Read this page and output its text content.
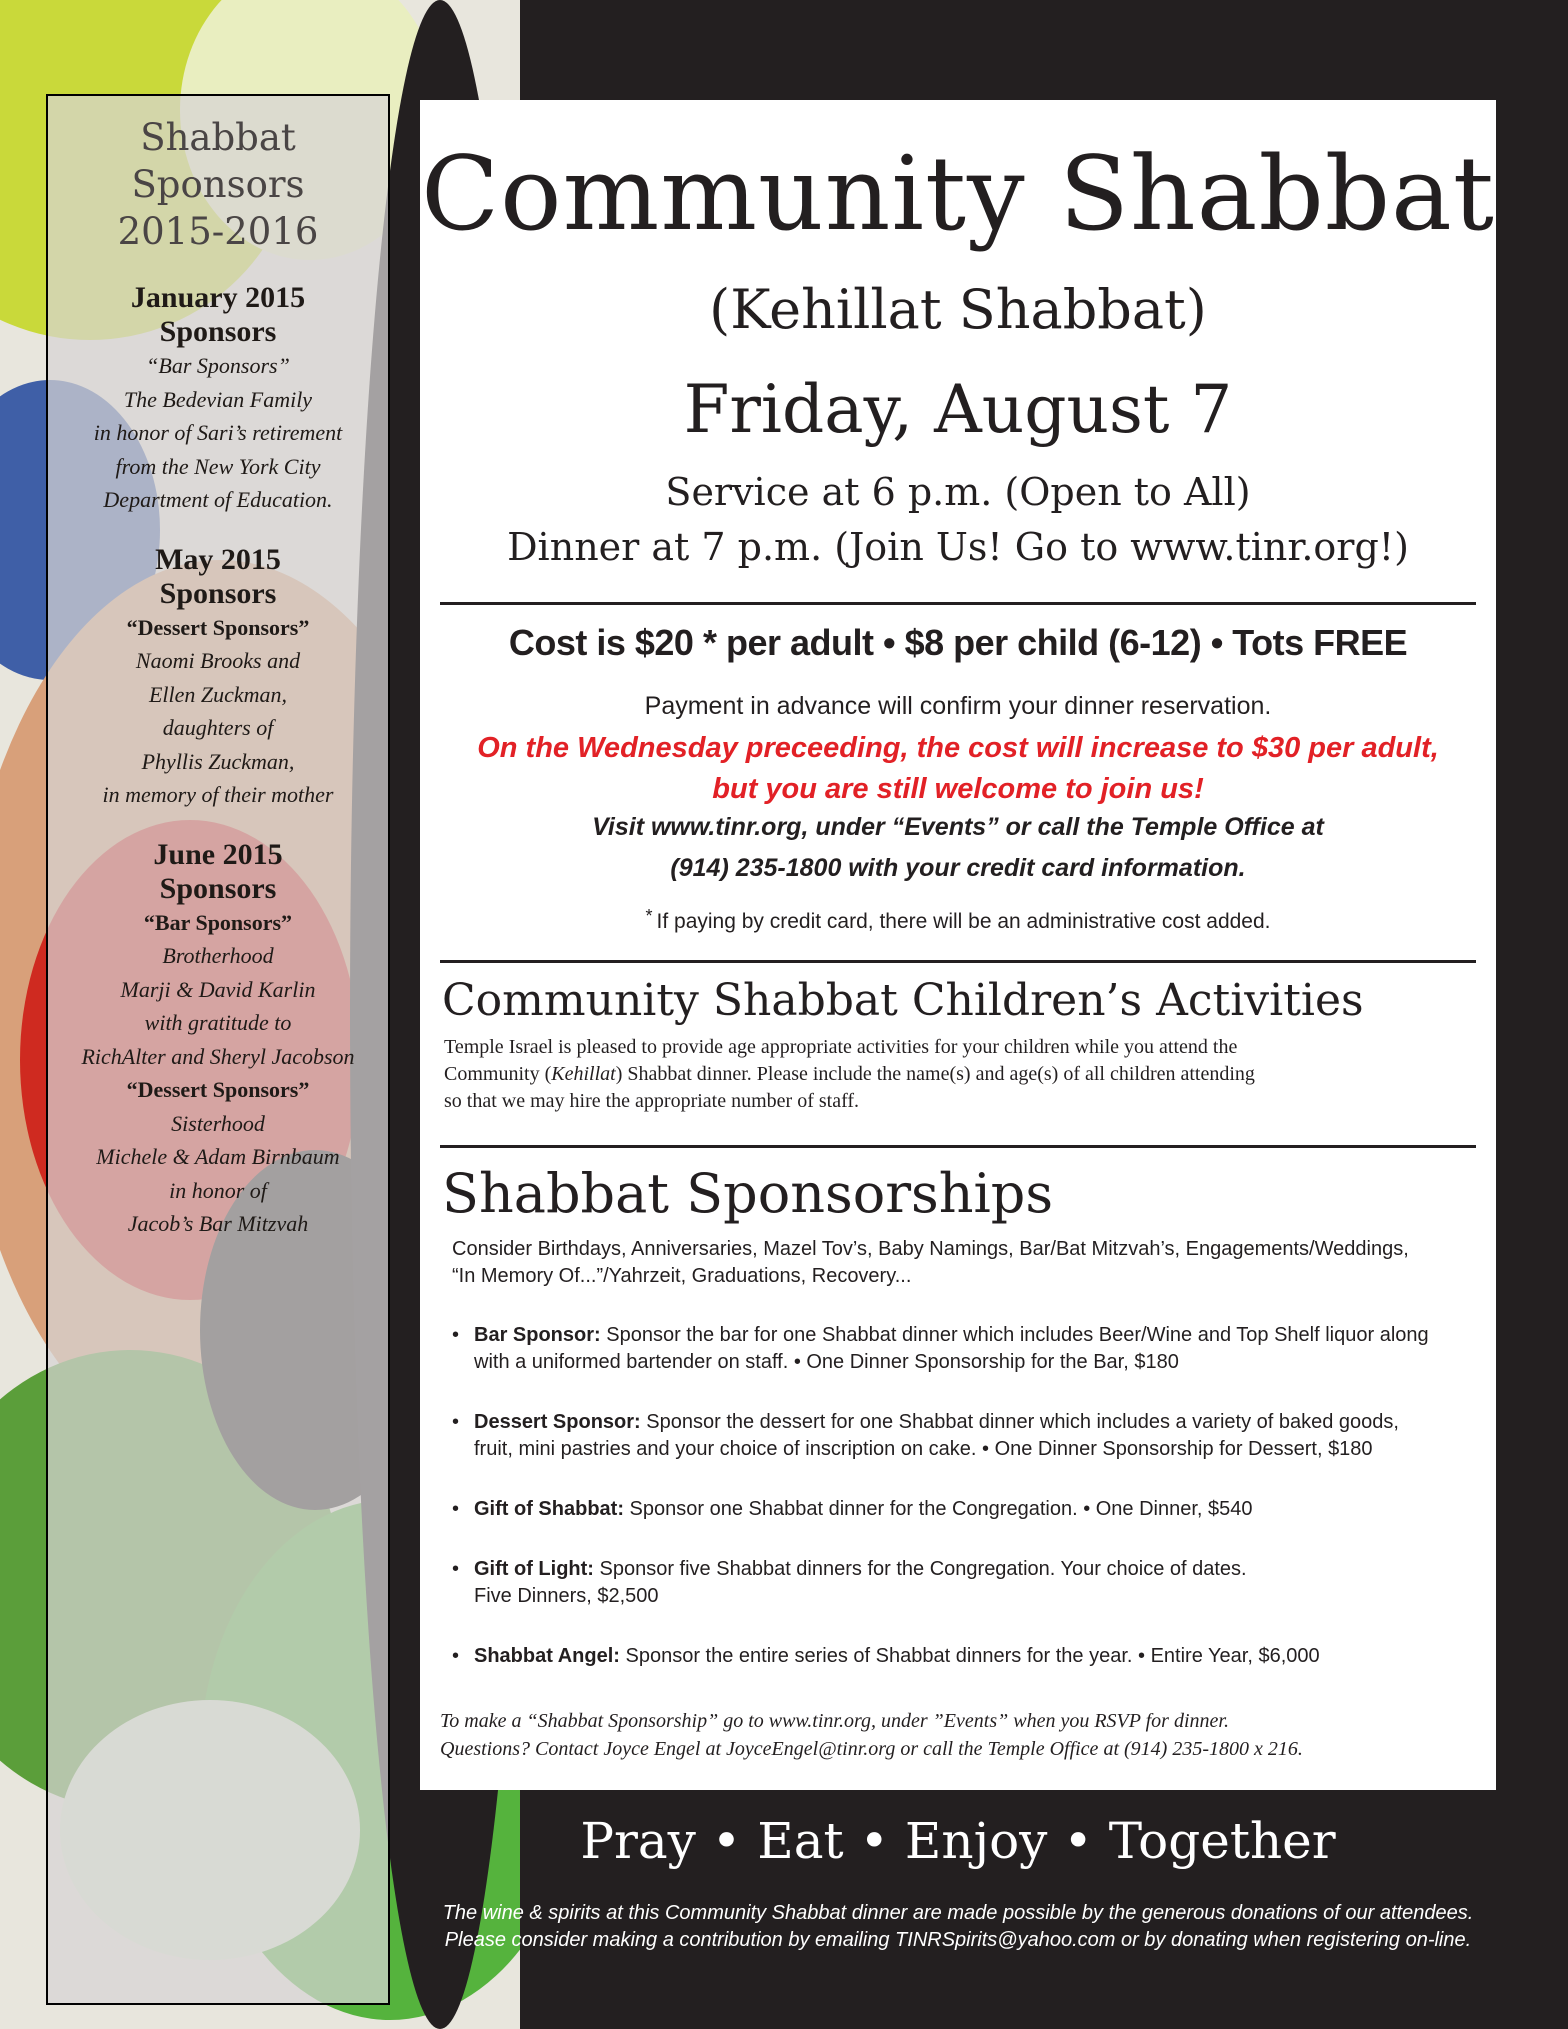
Shabbat
Sponsors
2015-2016
January 2015
Sponsors
“Bar Sponsors”
The Bedevian Family
in honor of Sari’s retirement
from the New York City
Department of Education.
May 2015
Sponsors
“Dessert Sponsors”
Naomi Brooks and
Ellen Zuckman,
daughters of
Phyllis Zuckman,
in memory of their mother
June 2015
Sponsors
“Bar Sponsors”
Brotherhood
Marji & David Karlin
with gratitude to
RichAlter and Sheryl Jacobson
“Dessert Sponsors”
Sisterhood
Michele & Adam Birnbaum
in honor of
Jacob’s Bar Mitzvah
Community Shabbat
(Kehillat Shabbat)
Friday, August 7
Service at 6 p.m. (Open to All)
Dinner at 7 p.m. (Join Us! Go to www.tinr.org!)
Cost is $20 * per adult • $8 per child (6-12) • Tots FREE
Payment in advance will confirm your dinner reservation.
On the Wednesday preceeding, the cost will increase to $30 per adult,
but you are still welcome to join us!
Visit www.tinr.org, under “Events” or call the Temple Office at
(914) 235-1800 with your credit card information.
* If paying by credit card, there will be an administrative cost added.
Community Shabbat Children’s Activities
Temple Israel is pleased to provide age appropriate activities for your children while you attend the
Community (Kehillat) Shabbat dinner. Please include the name(s) and age(s) of all children attending
so that we may hire the appropriate number of staff.
Shabbat Sponsorships
Consider Birthdays, Anniversaries, Mazel Tov’s, Baby Namings, Bar/Bat Mitzvah’s, Engagements/Weddings,
“In Memory Of...”/Yahrzeit, Graduations, Recovery...
• Bar Sponsor: Sponsor the bar for one Shabbat dinner which includes Beer/Wine and Top Shelf liquor along
with a uniformed bartender on staff. • One Dinner Sponsorship for the Bar, $180
• Dessert Sponsor: Sponsor the dessert for one Shabbat dinner which includes a variety of baked goods,
fruit, mini pastries and your choice of inscription on cake. • One Dinner Sponsorship for Dessert, $180
• Gift of Shabbat: Sponsor one Shabbat dinner for the Congregation. • One Dinner, $540
• Gift of Light: Sponsor five Shabbat dinners for the Congregation. Your choice of dates.
Five Dinners, $2,500
• Shabbat Angel: Sponsor the entire series of Shabbat dinners for the year. • Entire Year, $6,000
To make a “Shabbat Sponsorship” go to www.tinr.org, under ”Events” when you RSVP for dinner.
Questions? Contact Joyce Engel at JoyceEngel@tinr.org or call the Temple Office at (914) 235-1800 x 216.
Pray • Eat • Enjoy • Together
The wine & spirits at this Community Shabbat dinner are made possible by the generous donations of our attendees.
Please consider making a contribution by emailing TINRSpirits@yahoo.com or by donating when registering on-line.
